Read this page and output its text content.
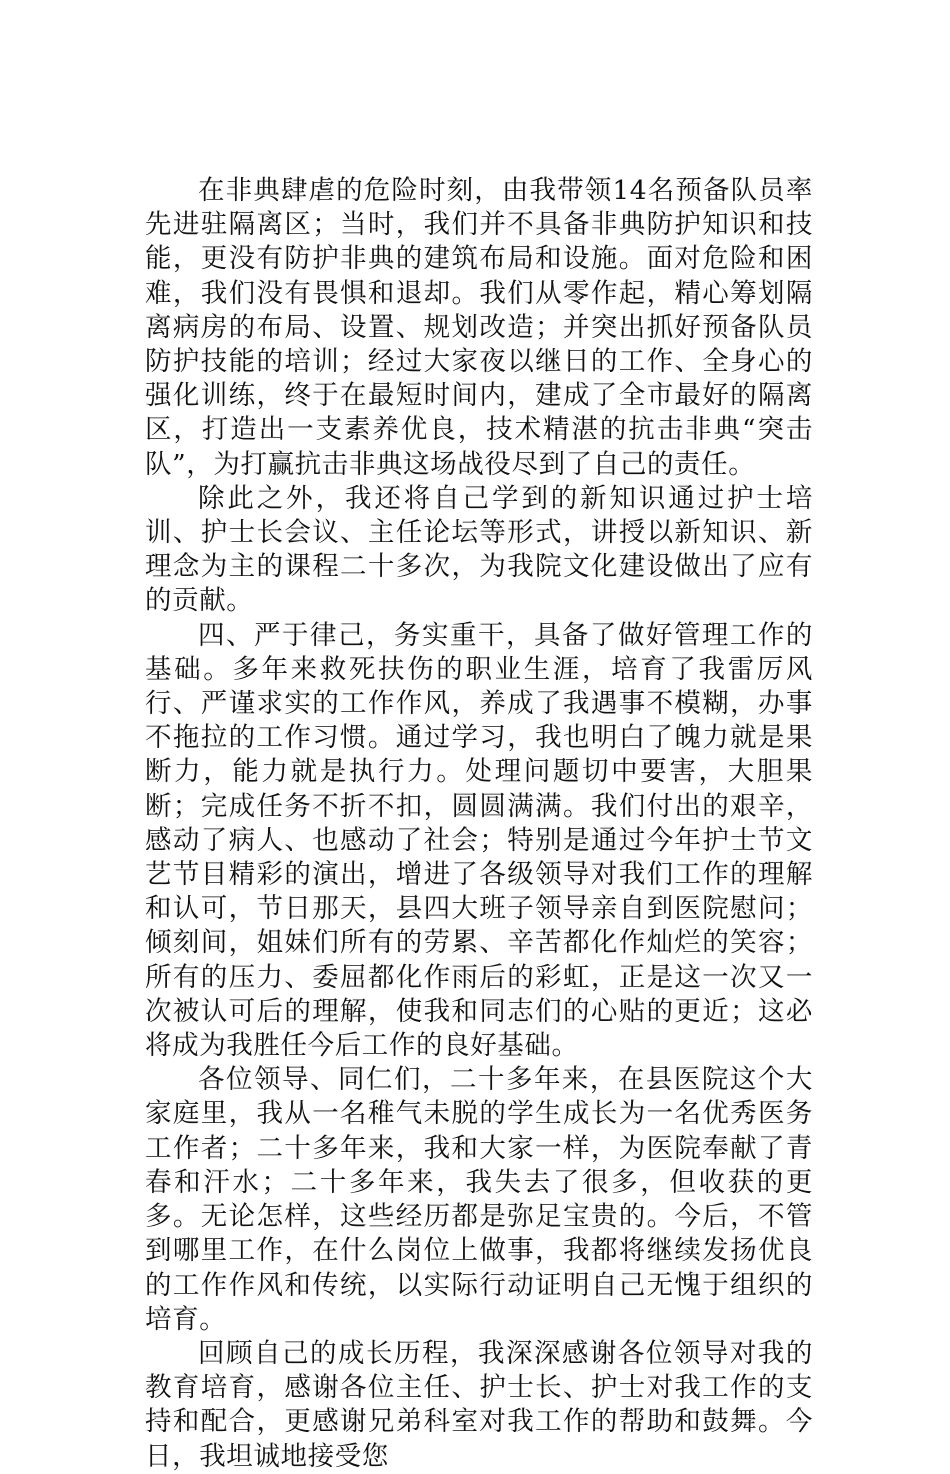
在非典肆虐的危险时刻，由我带领14名预备队员率先进驻隔离区；当时，我们并不具备非典防护知识和技能，更没有防护非典的建筑布局和设施。面对危险和困难，我们没有畏惧和退却。我们从零作起，精心筹划隔离病房的布局、设置、规划改造；并突出抓好预备队员防护技能的培训；经过大家夜以继日的工作、全身心的强化训练，终于在最短时间内，建成了全市最好的隔离区，打造出一支素养优良，技术精湛的抗击非典“突击队”，为打赢抗击非典这场战役尽到了自己的责任。

除此之外，我还将自己学到的新知识通过护士培训、护士长会议、主任论坛等形式，讲授以新知识、新理念为主的课程二十多次，为我院文化建设做出了应有的贡献。

四、严于律己，务实重干，具备了做好管理工作的基础。多年来救死扶伤的职业生涯，培育了我雷厉风行、严谨求实的工作作风，养成了我遇事不模糊，办事不拖拉的工作习惯。通过学习，我也明白了魄力就是果断力，能力就是执行力。处理问题切中要害，大胆果断；完成任务不折不扣，圆圆满满。我们付出的艰辛，感动了病人、也感动了社会；特别是通过今年护士节文艺节目精彩的演出，增进了各级领导对我们工作的理解和认可，节日那天，县四大班子领导亲自到医院慰问；倾刻间，姐妹们所有的劳累、辛苦都化作灿烂的笑容；所有的压力、委屈都化作雨后的彩虹，正是这一次又一次被认可后的理解，使我和同志们的心贴的更近；这必将成为我胜任今后工作的良好基础。

各位领导、同仁们，二十多年来，在县医院这个大家庭里，我从一名稚气未脱的学生成长为一名优秀医务工作者；二十多年来，我和大家一样，为医院奉献了青春和汗水；二十多年来，我失去了很多，但收获的更多。无论怎样，这些经历都是弥足宝贵的。今后，不管到哪里工作，在什么岗位上做事，我都将继续发扬优良的工作作风和传统，以实际行动证明自己无愧于组织的培育。

回顾自己的成长历程，我深深感谢各位领导对我的教育培育，感谢各位主任、护士长、护士对我工作的支持和配合，更感谢兄弟科室对我工作的帮助和鼓舞。今日，我坦诚地接受您
